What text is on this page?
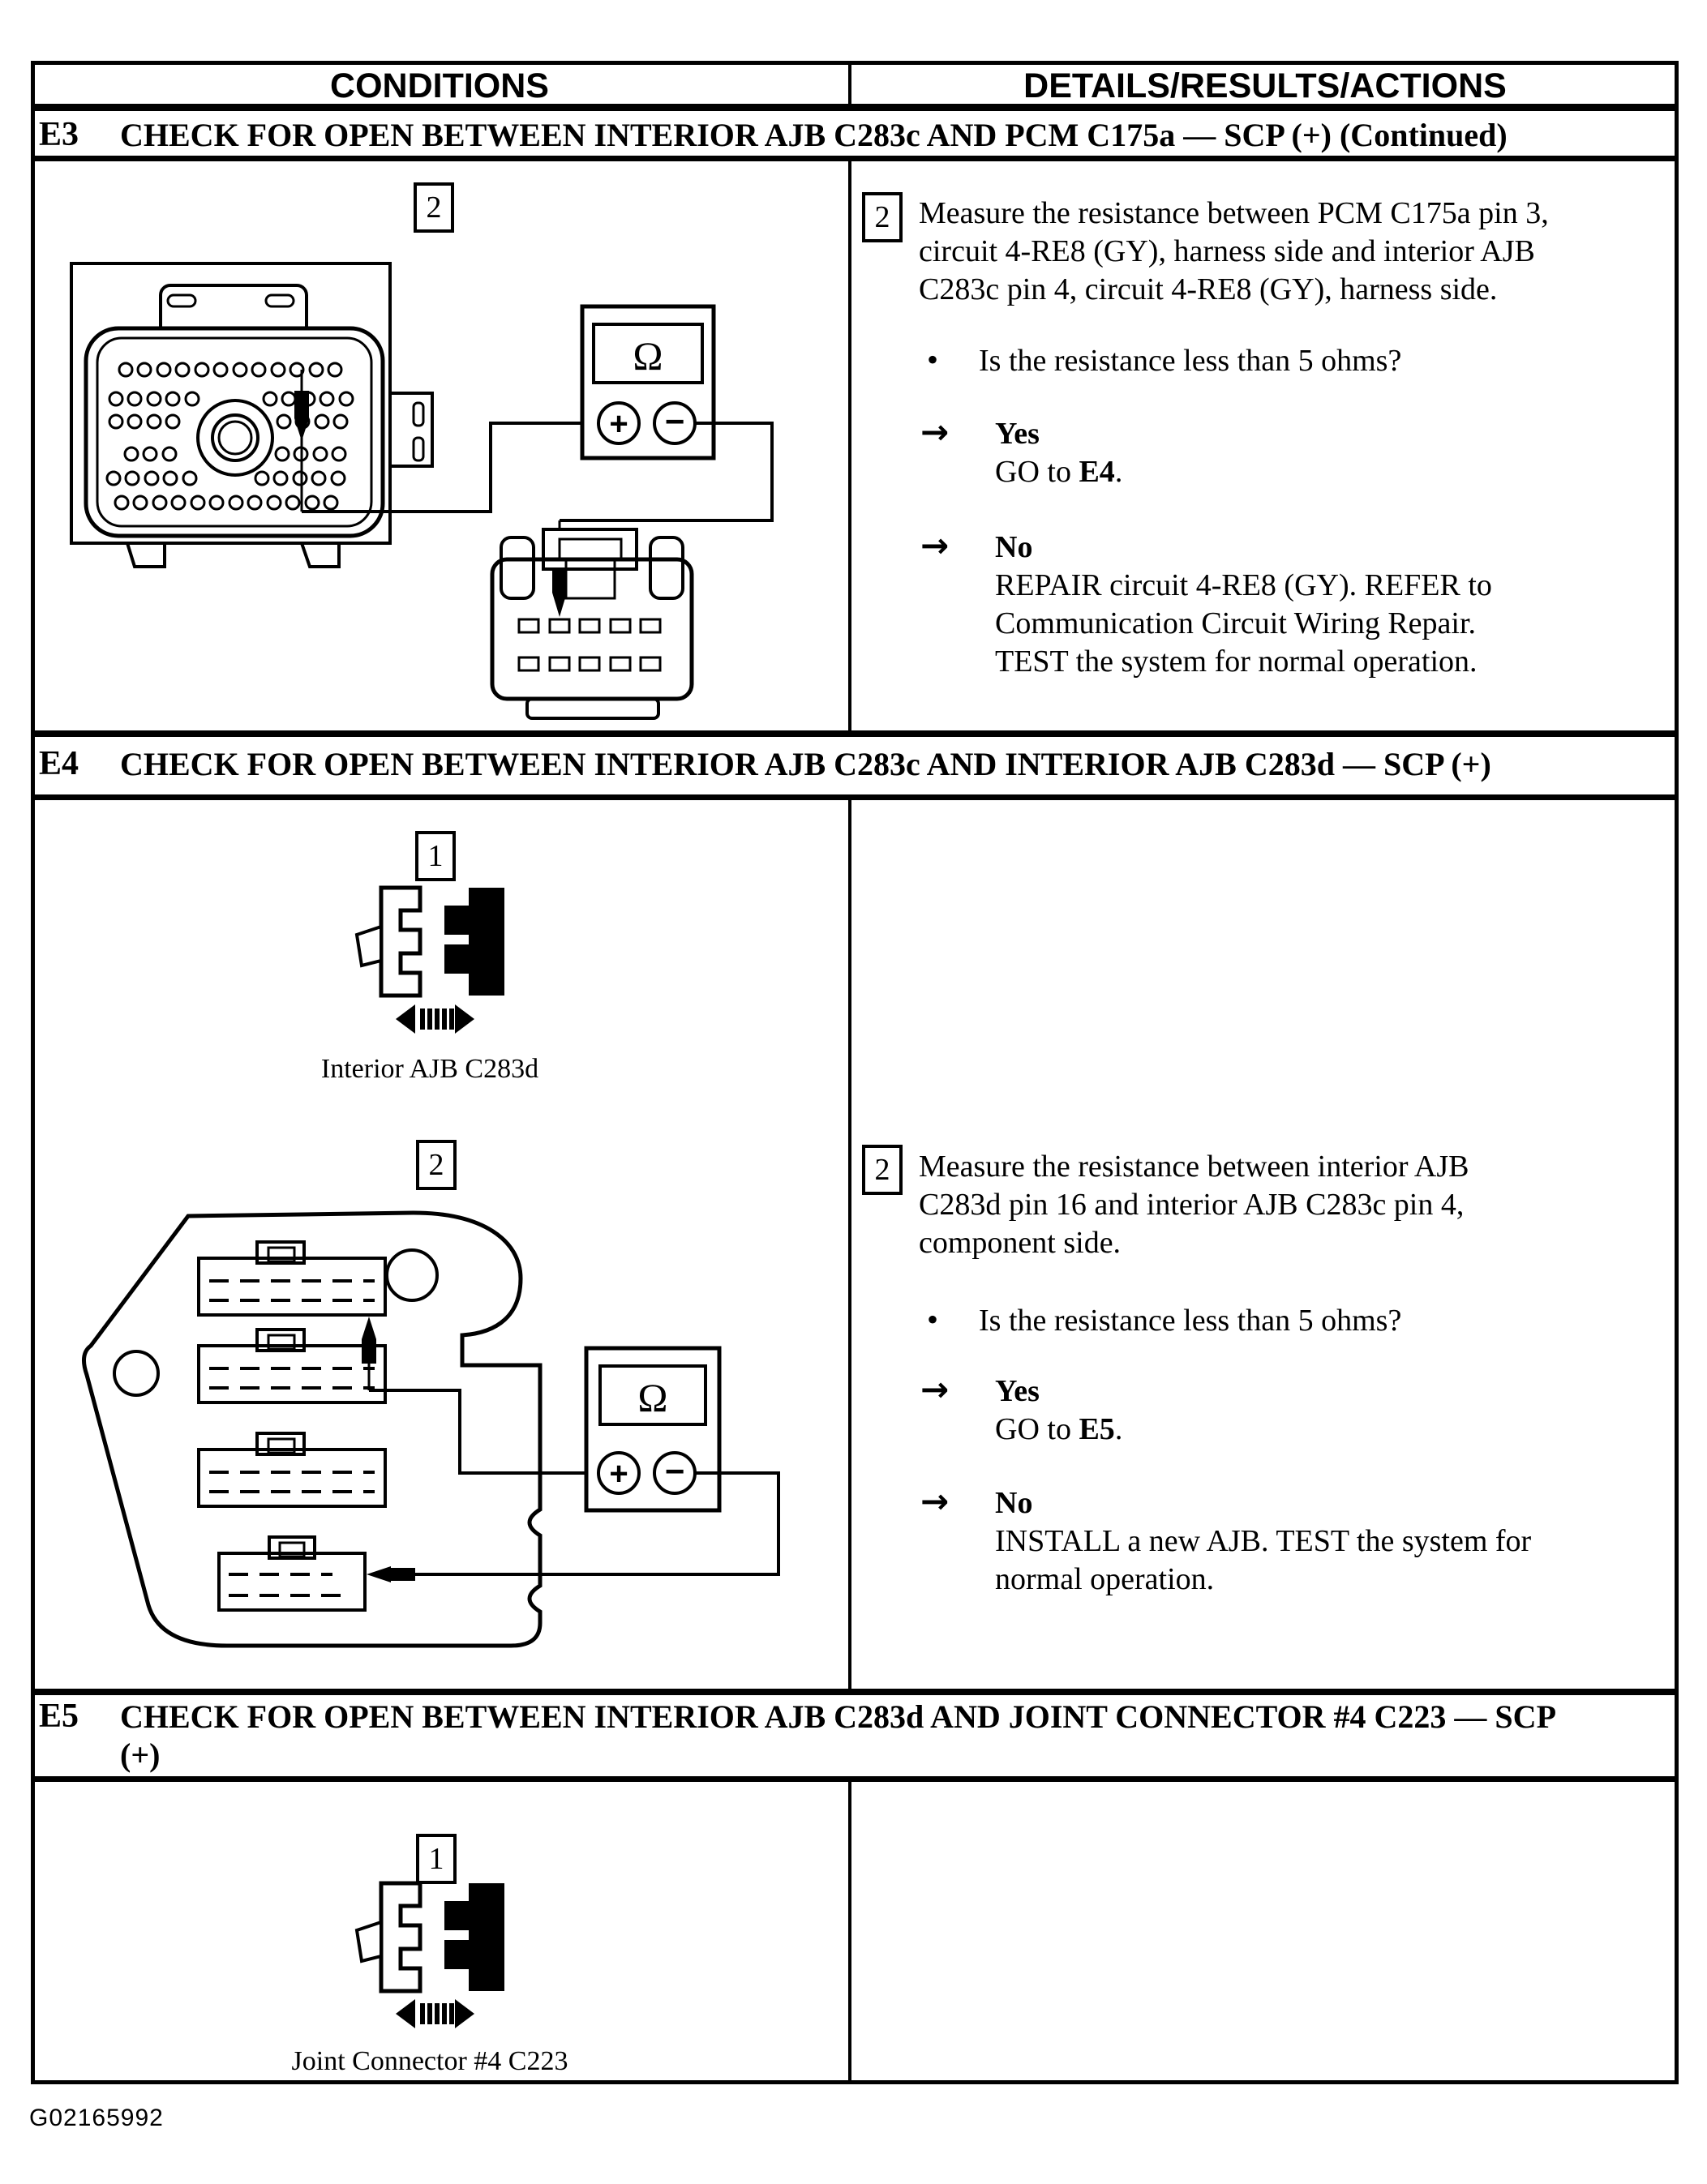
CONDITIONS	DETAILS/RESULTS/ACTIONS
E3 CHECK FOR OPEN BETWEEN INTERIOR AJB C283c AND PCM C175a — SCP (+) (Continued)
2
Ω
+ −
2 Measure the resistance between PCM C175a pin 3,
circuit 4-RE8 (GY), harness side and interior AJB
C283c pin 4, circuit 4-RE8 (GY), harness side.
• Is the resistance less than 5 ohms?
→ Yes
GO to E4.
→ No
REPAIR circuit 4-RE8 (GY). REFER to
Communication Circuit Wiring Repair.
TEST the system for normal operation.
E4 CHECK FOR OPEN BETWEEN INTERIOR AJB C283c AND INTERIOR AJB C283d — SCP (+)
1
Ω
+ −
Interior AJB C283d
2	2 Measure the resistance between interior AJB
C283d pin 16 and interior AJB C283c pin 4,
component side.
• Is the resistance less than 5 ohms?
→ Yes
GO to E5.
→ No
INSTALL a new AJB. TEST the system for
normal operation.
E5 CHECK FOR OPEN BETWEEN INTERIOR AJB C283d AND JOINT CONNECTOR #4 C223 — SCP
(+)
1
Joint Connector #4 C223
G02165992
